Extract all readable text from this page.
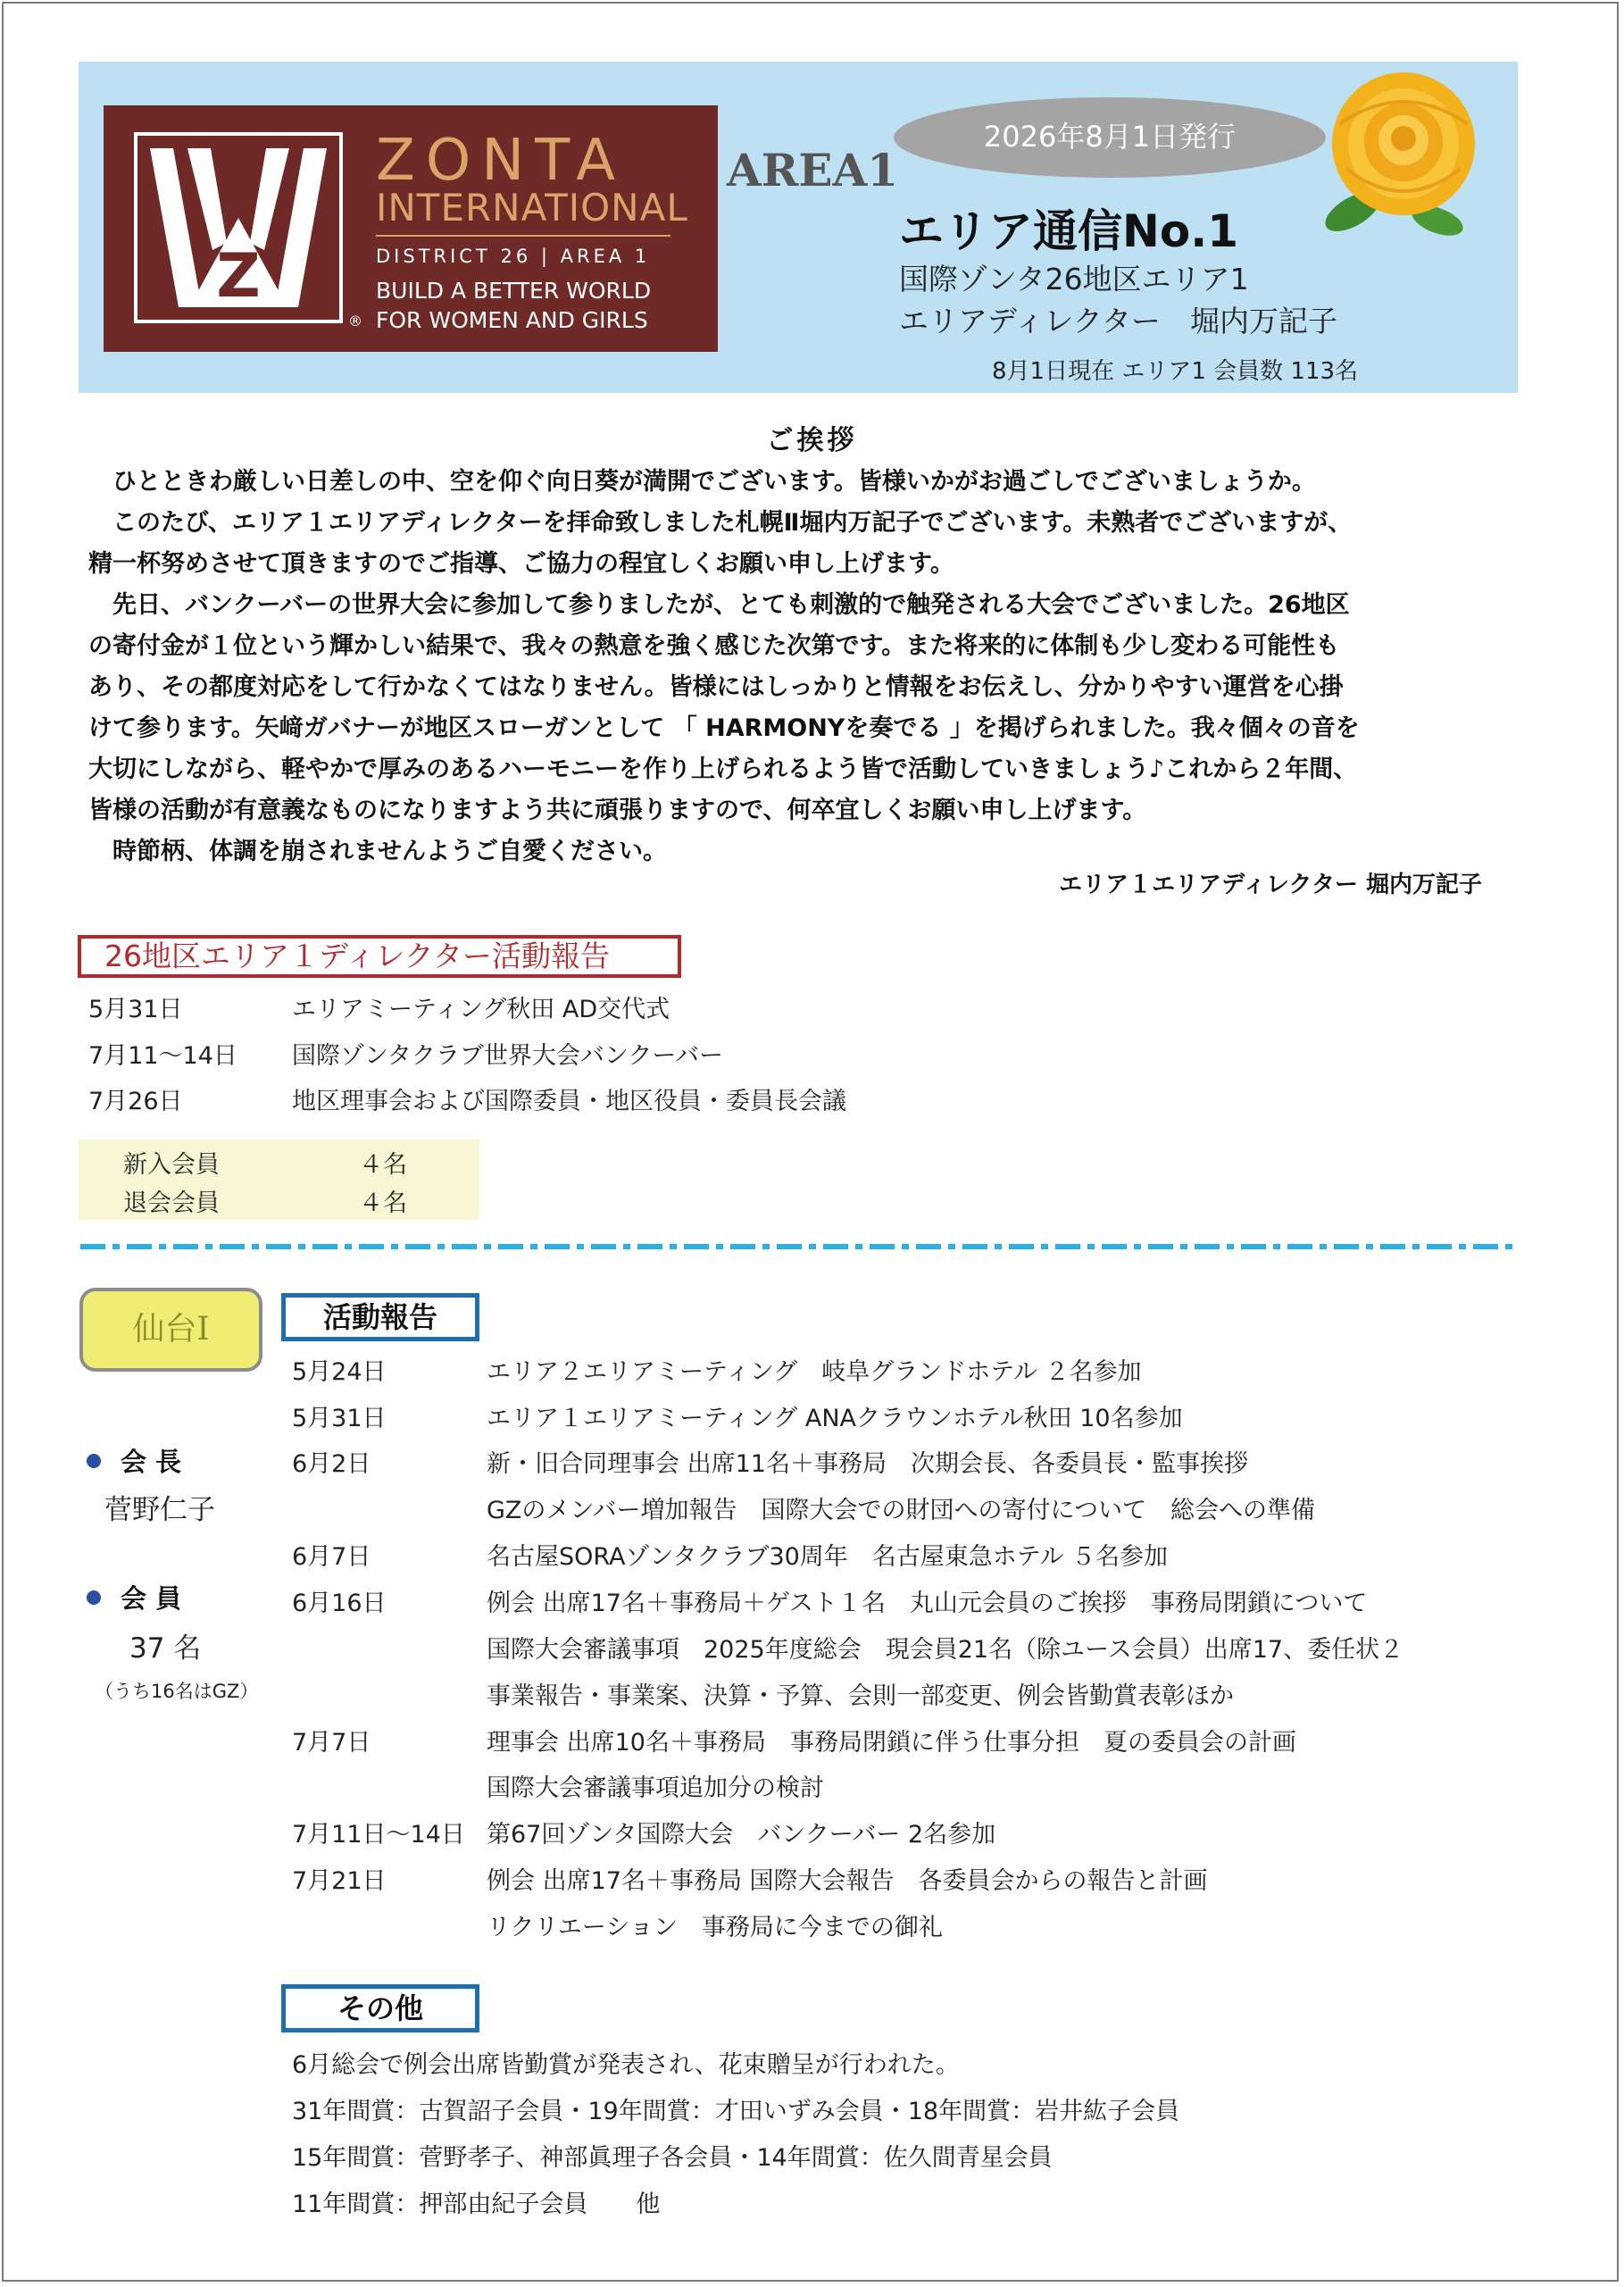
Z
®
ZONTA
INTERNATIONAL
DISTRICT 26 | AREA 1
BUILD A BETTER WORLD
FOR WOMEN AND GIRLS
AREA1
2026年8月1日発行
エリア通信No.1
国際ゾンタ26地区エリア1
エリアディレクター　堀内万記子
8月1日現在 エリア1 会員数 113名
ご挨拶

　ひとときわ厳しい日差しの中、空を仰ぐ向日葵が満開でございます。皆様いかがお過ごしでございましょうか。

　このたび、エリア１エリアディレクターを拝命致しました札幌Ⅱ堀内万記子でございます。未熟者でございますが、

精一杯努めさせて頂きますのでご指導、ご協力の程宜しくお願い申し上げます。

　先日、バンクーバーの世界大会に参加して参りましたが、とても刺激的で触発される大会でございました。26地区

の寄付金が１位という輝かしい結果で、我々の熱意を強く感じた次第です。また将来的に体制も少し変わる可能性も

あり、その都度対応をして行かなくてはなりません。皆様にはしっかりと情報をお伝えし、分かりやすい運営を心掛

けて参ります。矢﨑ガバナーが地区スローガンとして 「 HARMONYを奏でる 」を掲げられました。我々個々の音を

大切にしながら、軽やかで厚みのあるハーモニーを作り上げられるよう皆で活動していきましょう♪これから２年間、

皆様の活動が有意義なものになりますよう共に頑張りますので、何卒宜しくお願い申し上げます。

　時節柄、体調を崩されませんようご自愛ください。

エリア１エリアディレクター 堀内万記子
26地区エリア１ディレクター活動報告
5月31日	エリアミーティング秋田 AD交代式
7月11～14日 国際ゾンタクラブ世界大会バンクーバー
7月26日	地区理事会および国際委員・地区役員・委員長会議
新入会員	４名
退会会員	４名
仙台Ⅰ
会 長
菅野仁子
会 員
37 名
（うち16名はGZ）
活動報告
5月24日	エリア２エリアミーティング　岐阜グランドホテル ２名参加
5月31日	エリア１エリアミーティング ANAクラウンホテル秋田 10名参加
6月2日	新・旧合同理事会 出席11名＋事務局　次期会長、各委員長・監事挨拶
GZのメンバー増加報告　国際大会での財団への寄付について　総会への準備
6月7日	名古屋SORAゾンタクラブ30周年　名古屋東急ホテル ５名参加
6月16日	例会 出席17名＋事務局＋ゲスト１名　丸山元会員のご挨拶　事務局閉鎖について
国際大会審議事項　2025年度総会　現会員21名（除ユース会員）出席17、委任状２
事業報告・事業案、決算・予算、会則一部変更、例会皆勤賞表彰ほか
7月7日	理事会 出席10名＋事務局　事務局閉鎖に伴う仕事分担　夏の委員会の計画
国際大会審議事項追加分の検討
7月11日～14日 第67回ゾンタ国際大会　バンクーバー 2名参加
7月21日	例会 出席17名＋事務局 国際大会報告　各委員会からの報告と計画
リクリエーション　事務局に今までの御礼
その他
6月総会で例会出席皆勤賞が発表され、花束贈呈が行われた。
31年間賞：古賀詔子会員・19年間賞：才田いずみ会員・18年間賞：岩井紘子会員
15年間賞：菅野孝子、神部眞理子各会員・14年間賞：佐久間青星会員
11年間賞：押部由紀子会員　　他
